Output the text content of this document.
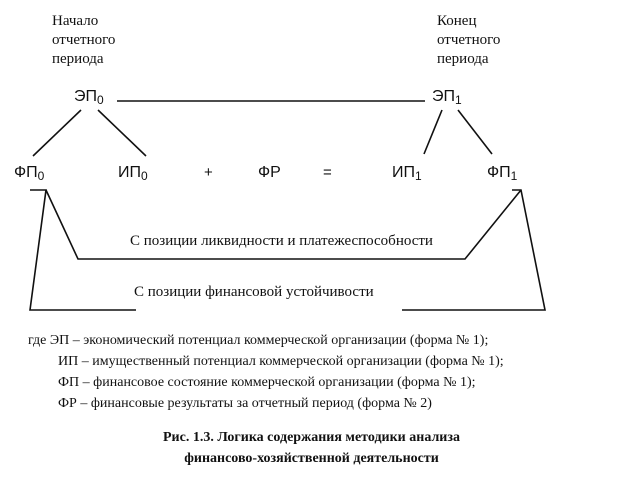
Начало
отчетного
периода
Конец
отчетного
периода
$ЭП_0$	$ЭП_1$
$ФП_0$	$ИП_0$	+	ФР	=	$ИП_1$	$ФП_1$
С позиции ликвидности и платежеспособности
С позиции финансовой устойчивости
где ЭП – экономический потенциал коммерческой организации (форма № 1);
ИП – имущественный потенциал коммерческой организации (форма № 1);
ФП – финансовое состояние коммерческой организации (форма № 1);
ФР – финансовые результаты за отчетный период (форма № 2)
Рис. 1.3. Логика содержания методики анализа
финансово-хозяйственной деятельности
